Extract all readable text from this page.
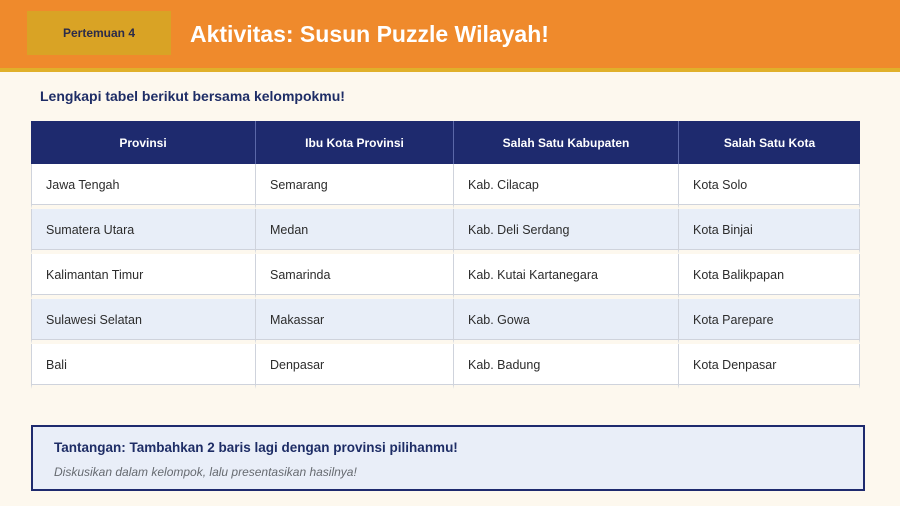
Pertemuan 4	Aktivitas: Susun Puzzle Wilayah!
Lengkapi tabel berikut bersama kelompokmu!
Provinsi	Ibu Kota Provinsi	Salah Satu Kabupaten	Salah Satu Kota
Jawa Tengah	Semarang	Kab. Cilacap	Kota Solo
Sumatera Utara	Medan	Kab. Deli Serdang	Kota Binjai
Kalimantan Timur	Samarinda	Kab. Kutai Kartanegara	Kota Balikpapan
Sulawesi Selatan	Makassar	Kab. Gowa	Kota Parepare
Bali	Denpasar	Kab. Badung	Kota Denpasar
Tantangan: Tambahkan 2 baris lagi dengan provinsi pilihanmu!
Diskusikan dalam kelompok, lalu presentasikan hasilnya!
